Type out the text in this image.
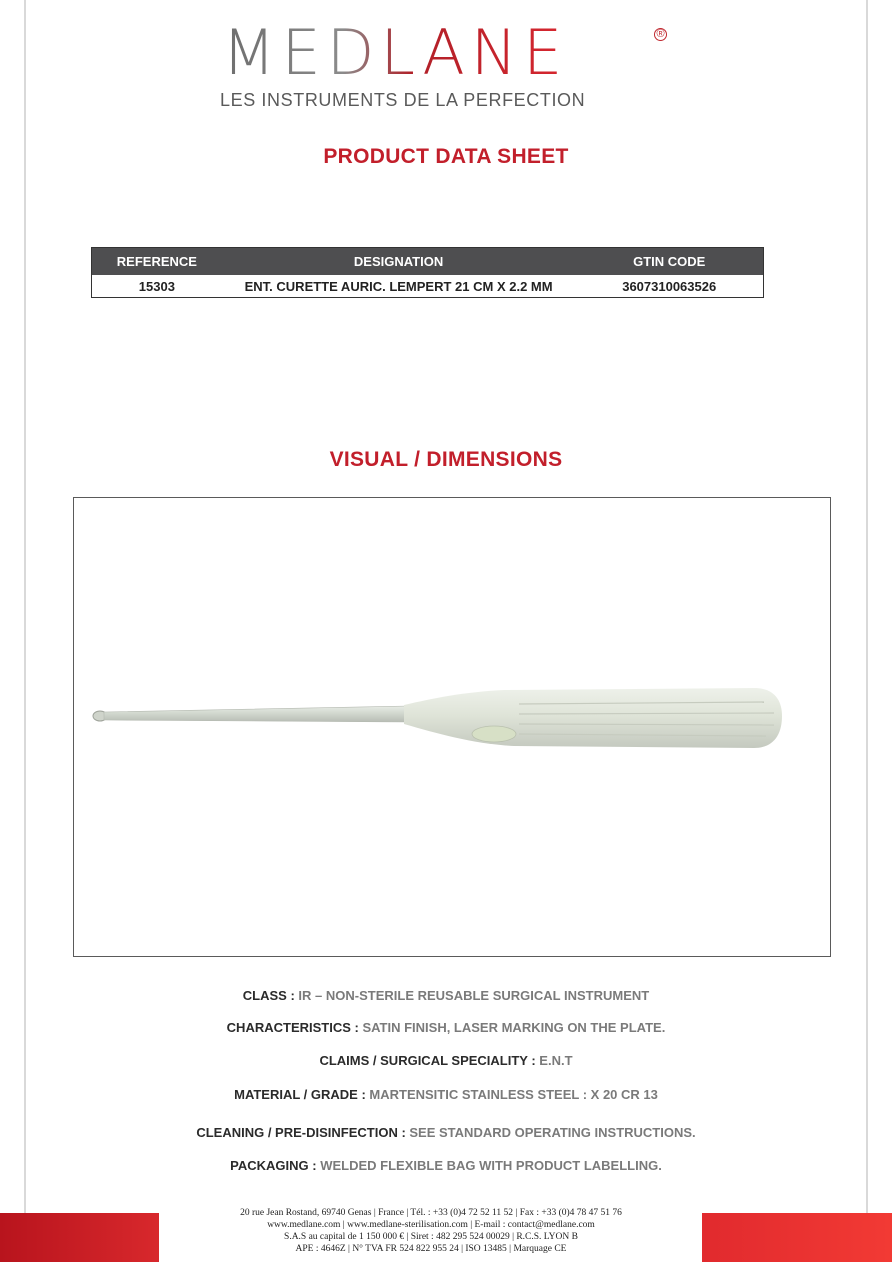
MEDLANE	®
LES INSTRUMENTS DE LA PERFECTION
PRODUCT DATA SHEET
REFERENCE	DESIGNATION	GTIN CODE
15303	ENT. CURETTE AURIC. LEMPERT 21 CM X 2.2 MM	3607310063526
VISUAL / DIMENSIONS
CLASS : IR – NON-STERILE REUSABLE SURGICAL INSTRUMENT
CHARACTERISTICS : SATIN FINISH, LASER MARKING ON THE PLATE.
CLAIMS / SURGICAL SPECIALITY : E.N.T
MATERIAL / GRADE : MARTENSITIC STAINLESS STEEL : X 20 CR 13
CLEANING / PRE-DISINFECTION : SEE STANDARD OPERATING INSTRUCTIONS.
PACKAGING : WELDED FLEXIBLE BAG WITH PRODUCT LABELLING.
20 rue Jean Rostand, 69740 Genas | France | Tél. : +33 (0)4 72 52 11 52 | Fax : +33 (0)4 78 47 51 76
www.medlane.com | www.medlane-sterilisation.com | E-mail : contact@medlane.com
S.A.S au capital de 1 150 000 € | Siret : 482 295 524 00029 | R.C.S. LYON B
APE : 4646Z | N° TVA FR 524 822 955 24 | ISO 13485 | Marquage CE
